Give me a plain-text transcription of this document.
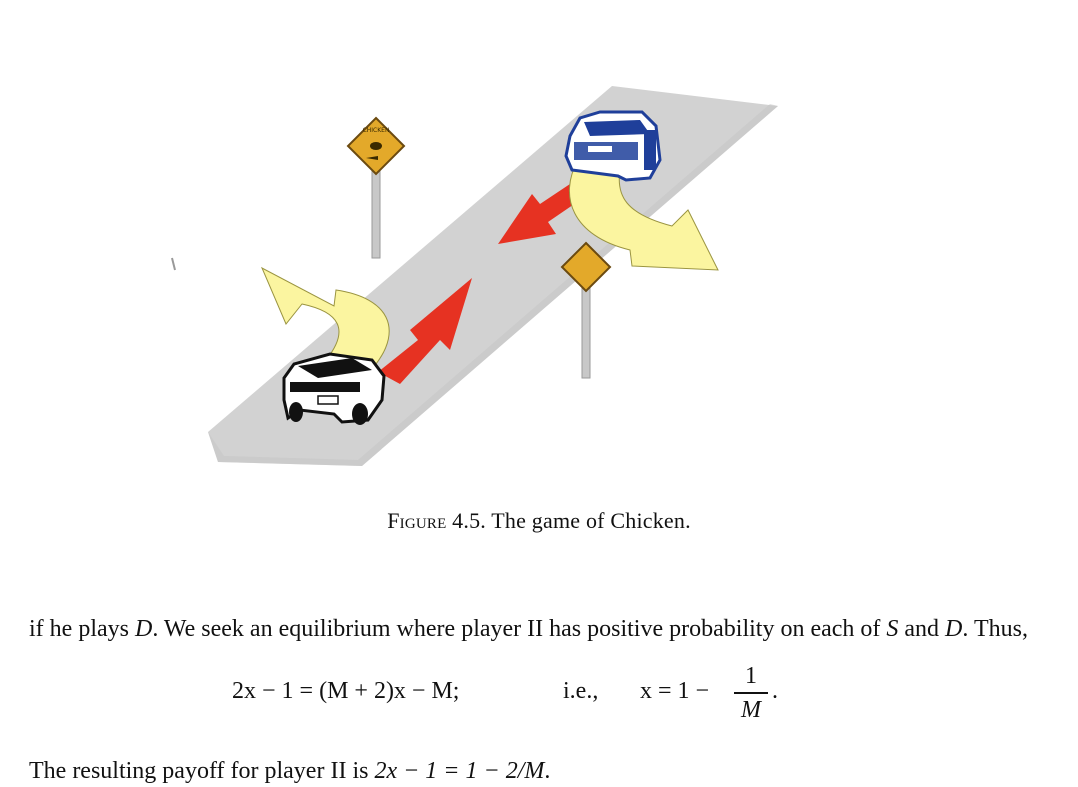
CHICKEN
Figure 4.5. The game of Chicken.

if he plays D. We seek an equilibrium where player II has positive probability on each of S and D. Thus,

2x − 1 = (M + 2)x − M;	i.e., x = 1 −
1
M
.

The resulting payoff for player II is 2x − 1 = 1 − 2/M.
